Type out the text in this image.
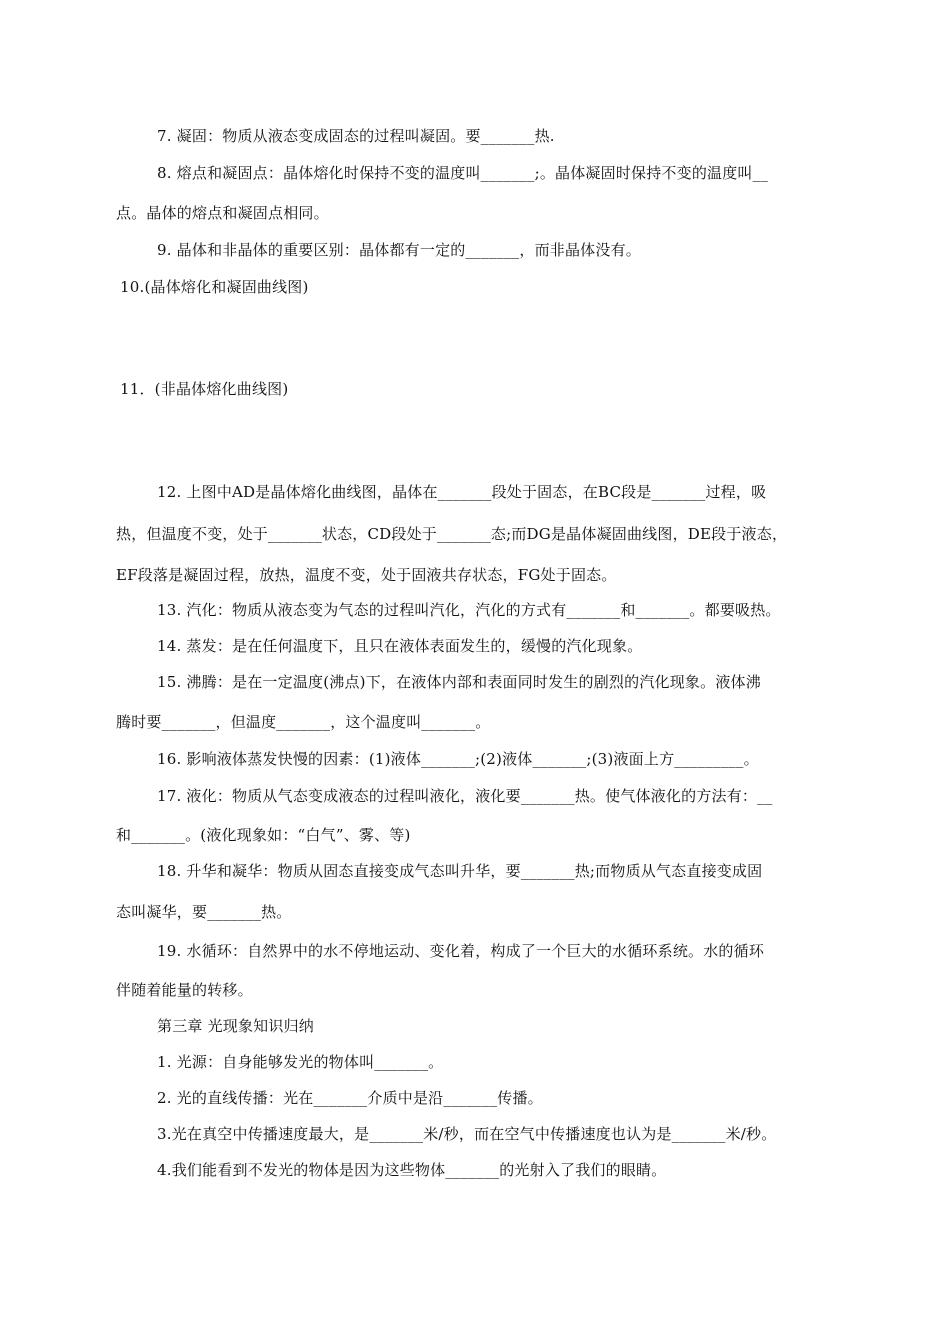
7. 凝固：物质从液态变成固态的过程叫凝固。要_______热.
8. 熔点和凝固点：晶体熔化时保持不变的温度叫_______;。晶体凝固时保持不变的温度叫__
点。晶体的熔点和凝固点相同。
9. 晶体和非晶体的重要区别：晶体都有一定的_______，而非晶体没有。
10.(晶体熔化和凝固曲线图)
11．(非晶体熔化曲线图)
12. 上图中AD是晶体熔化曲线图，晶体在_______段处于固态，在BC段是_______过程，吸
热，但温度不变，处于_______状态，CD段处于_______态;而DG是晶体凝固曲线图，DE段于液态，
EF段落是凝固过程，放热，温度不变，处于固液共存状态，FG处于固态。
13. 汽化：物质从液态变为气态的过程叫汽化，汽化的方式有_______和_______。都要吸热。
14. 蒸发：是在任何温度下，且只在液体表面发生的，缓慢的汽化现象。
15. 沸腾：是在一定温度(沸点)下，在液体内部和表面同时发生的剧烈的汽化现象。液体沸
腾时要_______，但温度_______，这个温度叫_______。
16. 影响液体蒸发快慢的因素：(1)液体_______;(2)液体_______;(3)液面上方_________。
17. 液化：物质从气态变成液态的过程叫液化，液化要_______热。使气体液化的方法有：__
和_______。(液化现象如：“白气”、雾、等)
18. 升华和凝华：物质从固态直接变成气态叫升华，要_______热;而物质从气态直接变成固
态叫凝华，要_______热。
19. 水循环：自然界中的水不停地运动、变化着，构成了一个巨大的水循环系统。水的循环
伴随着能量的转移。
第三章 光现象知识归纳
1. 光源：自身能够发光的物体叫_______。
2. 光的直线传播：光在_______介质中是沿_______传播。
3.光在真空中传播速度最大，是_______米/秒，而在空气中传播速度也认为是_______米/秒。
4.我们能看到不发光的物体是因为这些物体_______的光射入了我们的眼睛。
